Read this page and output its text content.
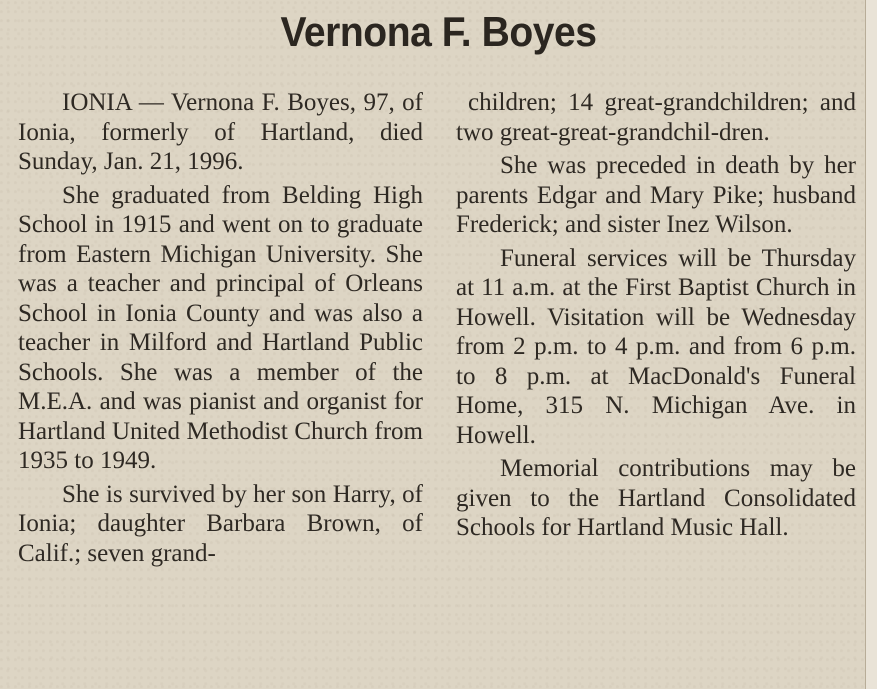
Vernona F. Boyes

IONIA — Vernona F. Boyes, 97, of Ionia, formerly of Hartland, died Sunday, Jan. 21, 1996.

She graduated from Belding High School in 1915 and went on to graduate from Eastern Michigan University. She was a teacher and principal of Orleans School in Ionia County and was also a teacher in Milford and Hartland Public Schools. She was a member of the M.E.A. and was pianist and organist for Hartland United Methodist Church from 1935 to 1949.

She is survived by her son Harry, of Ionia; daughter Barbara Brown, of Calif.; seven grand-

children; 14 great-grandchildren; and two great-great-grandchil-dren.

She was preceded in death by her parents Edgar and Mary Pike; husband Frederick; and sister Inez Wilson.

Funeral services will be Thursday at 11 a.m. at the First Baptist Church in Howell. Visitation will be Wednesday from 2 p.m. to 4 p.m. and from 6 p.m. to 8 p.m. at MacDonald's Funeral Home, 315 N. Michigan Ave. in Howell.

Memorial contributions may be given to the Hartland Consolidated Schools for Hartland Music Hall.
